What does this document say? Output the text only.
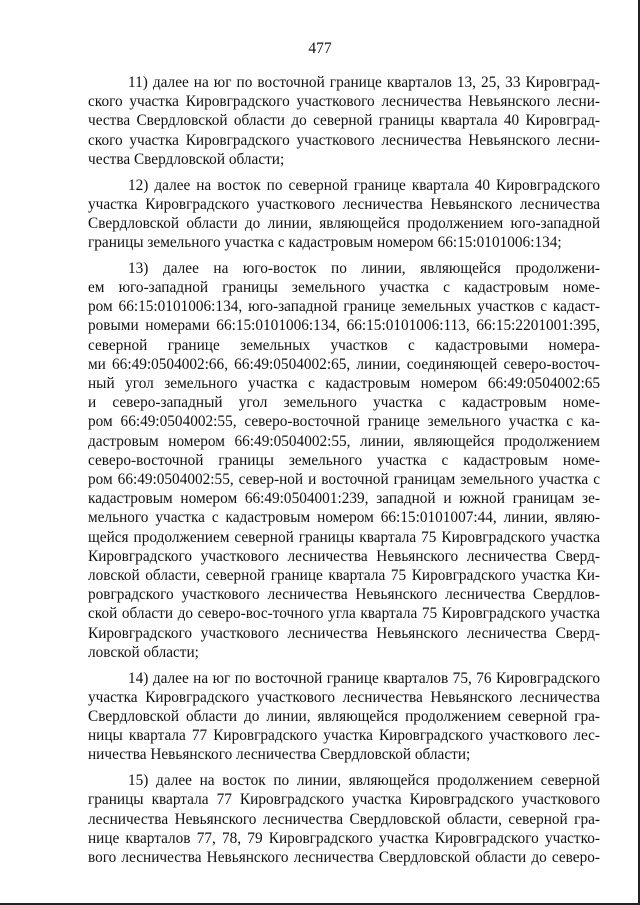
477
11) далее на юг по восточной границе кварталов 13, 25, 33 Кировград-
ского участка Кировградского участкового лесничества Невьянского лесни-
чества Свердловской области до северной границы квартала 40 Кировград-
ского участка Кировградского участкового лесничества Невьянского лесни-
чества Свердловской области;
12) далее на восток по северной границе квартала 40 Кировградского
участка Кировградского участкового лесничества Невьянского лесничества
Свердловской области до линии, являющейся продолжением юго-западной
границы земельного участка с кадастровым номером 66:15:0101006:134;
13) далее на юго-восток по линии, являющейся продолжени-
ем юго-западной границы земельного участка с кадастровым номе-
ром 66:15:0101006:134, юго-западной границе земельных участков с кадаст-
ровыми номерами 66:15:0101006:134, 66:15:0101006:113, 66:15:2201001:395,
северной границе земельных участков с кадастровыми номера-
ми 66:49:0504002:66, 66:49:0504002:65, линии, соединяющей северо-восточ-
ный угол земельного участка с кадастровым номером 66:49:0504002:65
и северо-западный угол земельного участка с кадастровым номе-
ром 66:49:0504002:55, северо-восточной границе земельного участка с ка-
дастровым номером 66:49:0504002:55, линии, являющейся продолжением
северо-восточной границы земельного участка с кадастровым номе-
ром 66:49:0504002:55, север-ной и восточной границам земельного участка с
кадастровым номером 66:49:0504001:239, западной и южной границам зе-
мельного участка с кадастровым номером 66:15:0101007:44, линии, являю-
щейся продолжением северной границы квартала 75 Кировградского участка
Кировградского участкового лесничества Невьянского лесничества Сверд-
ловской области, северной границе квартала 75 Кировградского участка Ки-
ровградского участкового лесничества Невьянского лесничества Свердлов-
ской области до северо-вос-точного угла квартала 75 Кировградского участка
Кировградского участкового лесничества Невьянского лесничества Сверд-
ловской области;
14) далее на юг по восточной границе кварталов 75, 76 Кировградского
участка Кировградского участкового лесничества Невьянского лесничества
Свердловской области до линии, являющейся продолжением северной гра-
ницы квартала 77 Кировградского участка Кировградского участкового лес-
ничества Невьянского лесничества Свердловской области;
15) далее на восток по линии, являющейся продолжением северной
границы квартала 77 Кировградского участка Кировградского участкового
лесничества Невьянского лесничества Свердловской области, северной гра-
нице кварталов 77, 78, 79 Кировградского участка Кировградского участко-
вого лесничества Невьянского лесничества Свердловской области до северо-
